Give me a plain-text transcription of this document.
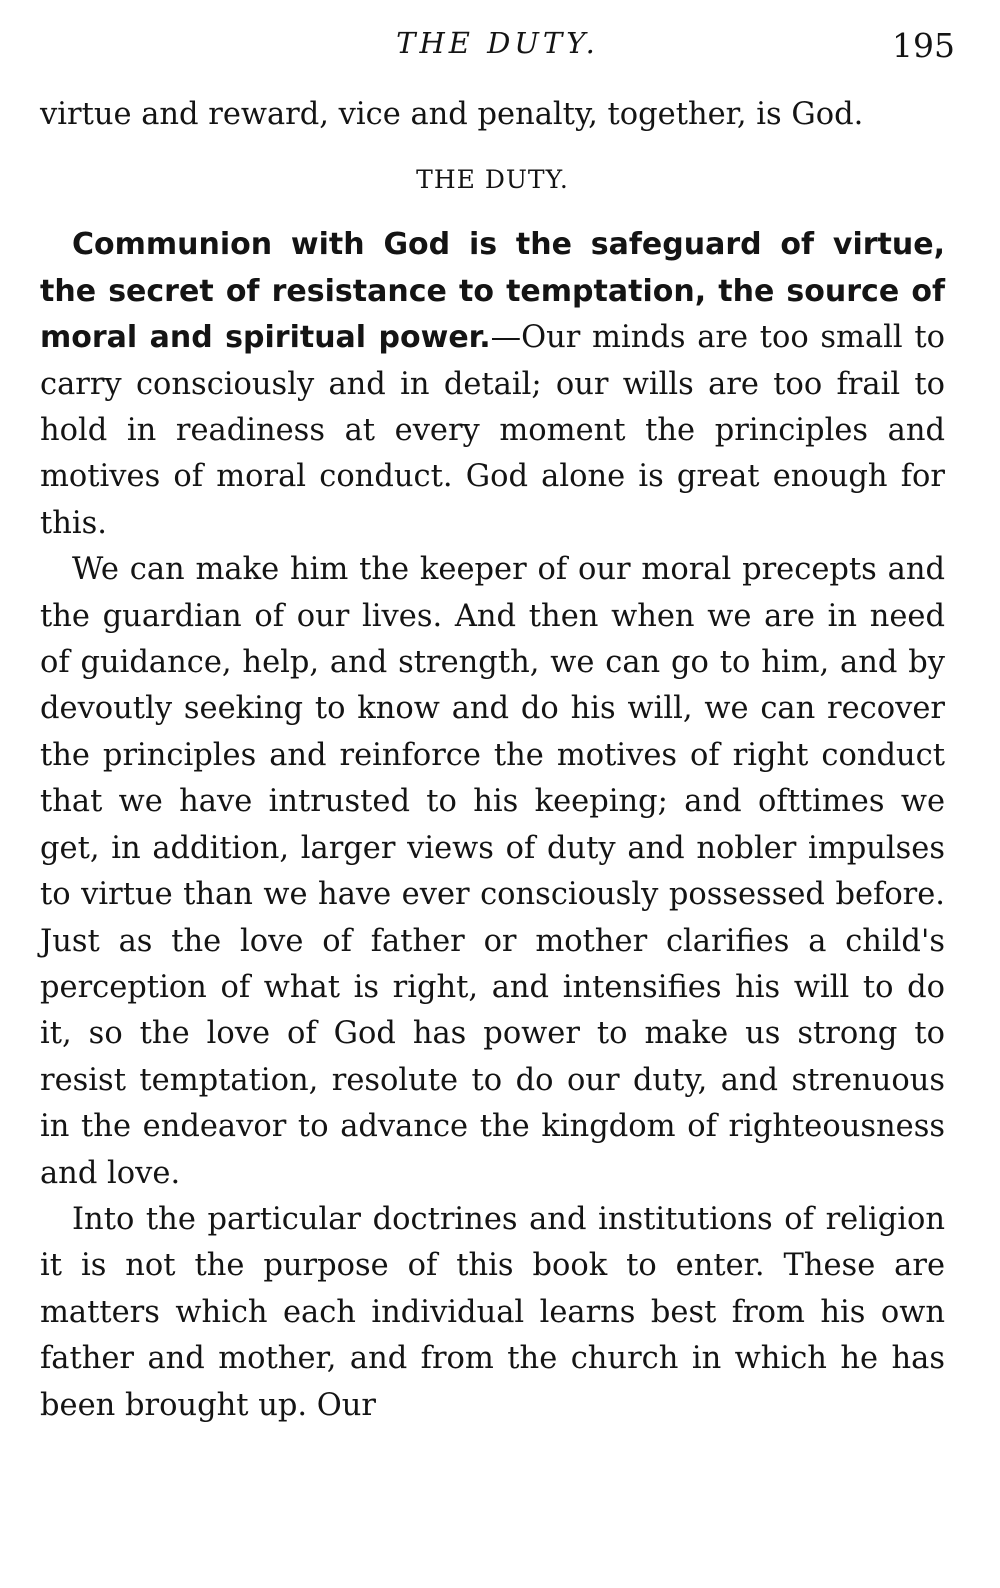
THE DUTY.	195

virtue and reward, vice and penalty, together, is God.

THE DUTY.

Communion with God is the safeguard of virtue, the secret of resistance to temptation, the source of moral and spiritual power.—Our minds are too small to carry consciously and in detail; our wills are too frail to hold in readiness at every moment the principles and motives of moral conduct. God alone is great enough for this.

We can make him the keeper of our moral precepts and the guardian of our lives. And then when we are in need of guidance, help, and strength, we can go to him, and by devoutly seeking to know and do his will, we can recover the principles and reinforce the motives of right conduct that we have intrusted to his keeping; and ofttimes we get, in addition, larger views of duty and nobler impulses to virtue than we have ever consciously possessed before. Just as the love of father or mother clarifies a child's perception of what is right, and intensifies his will to do it, so the love of God has power to make us strong to resist temptation, resolute to do our duty, and strenuous in the endeavor to advance the kingdom of righteousness and love.

Into the particular doctrines and institutions of religion it is not the purpose of this book to enter. These are matters which each individual learns best from his own father and mother, and from the church in which he has been brought up. Our
